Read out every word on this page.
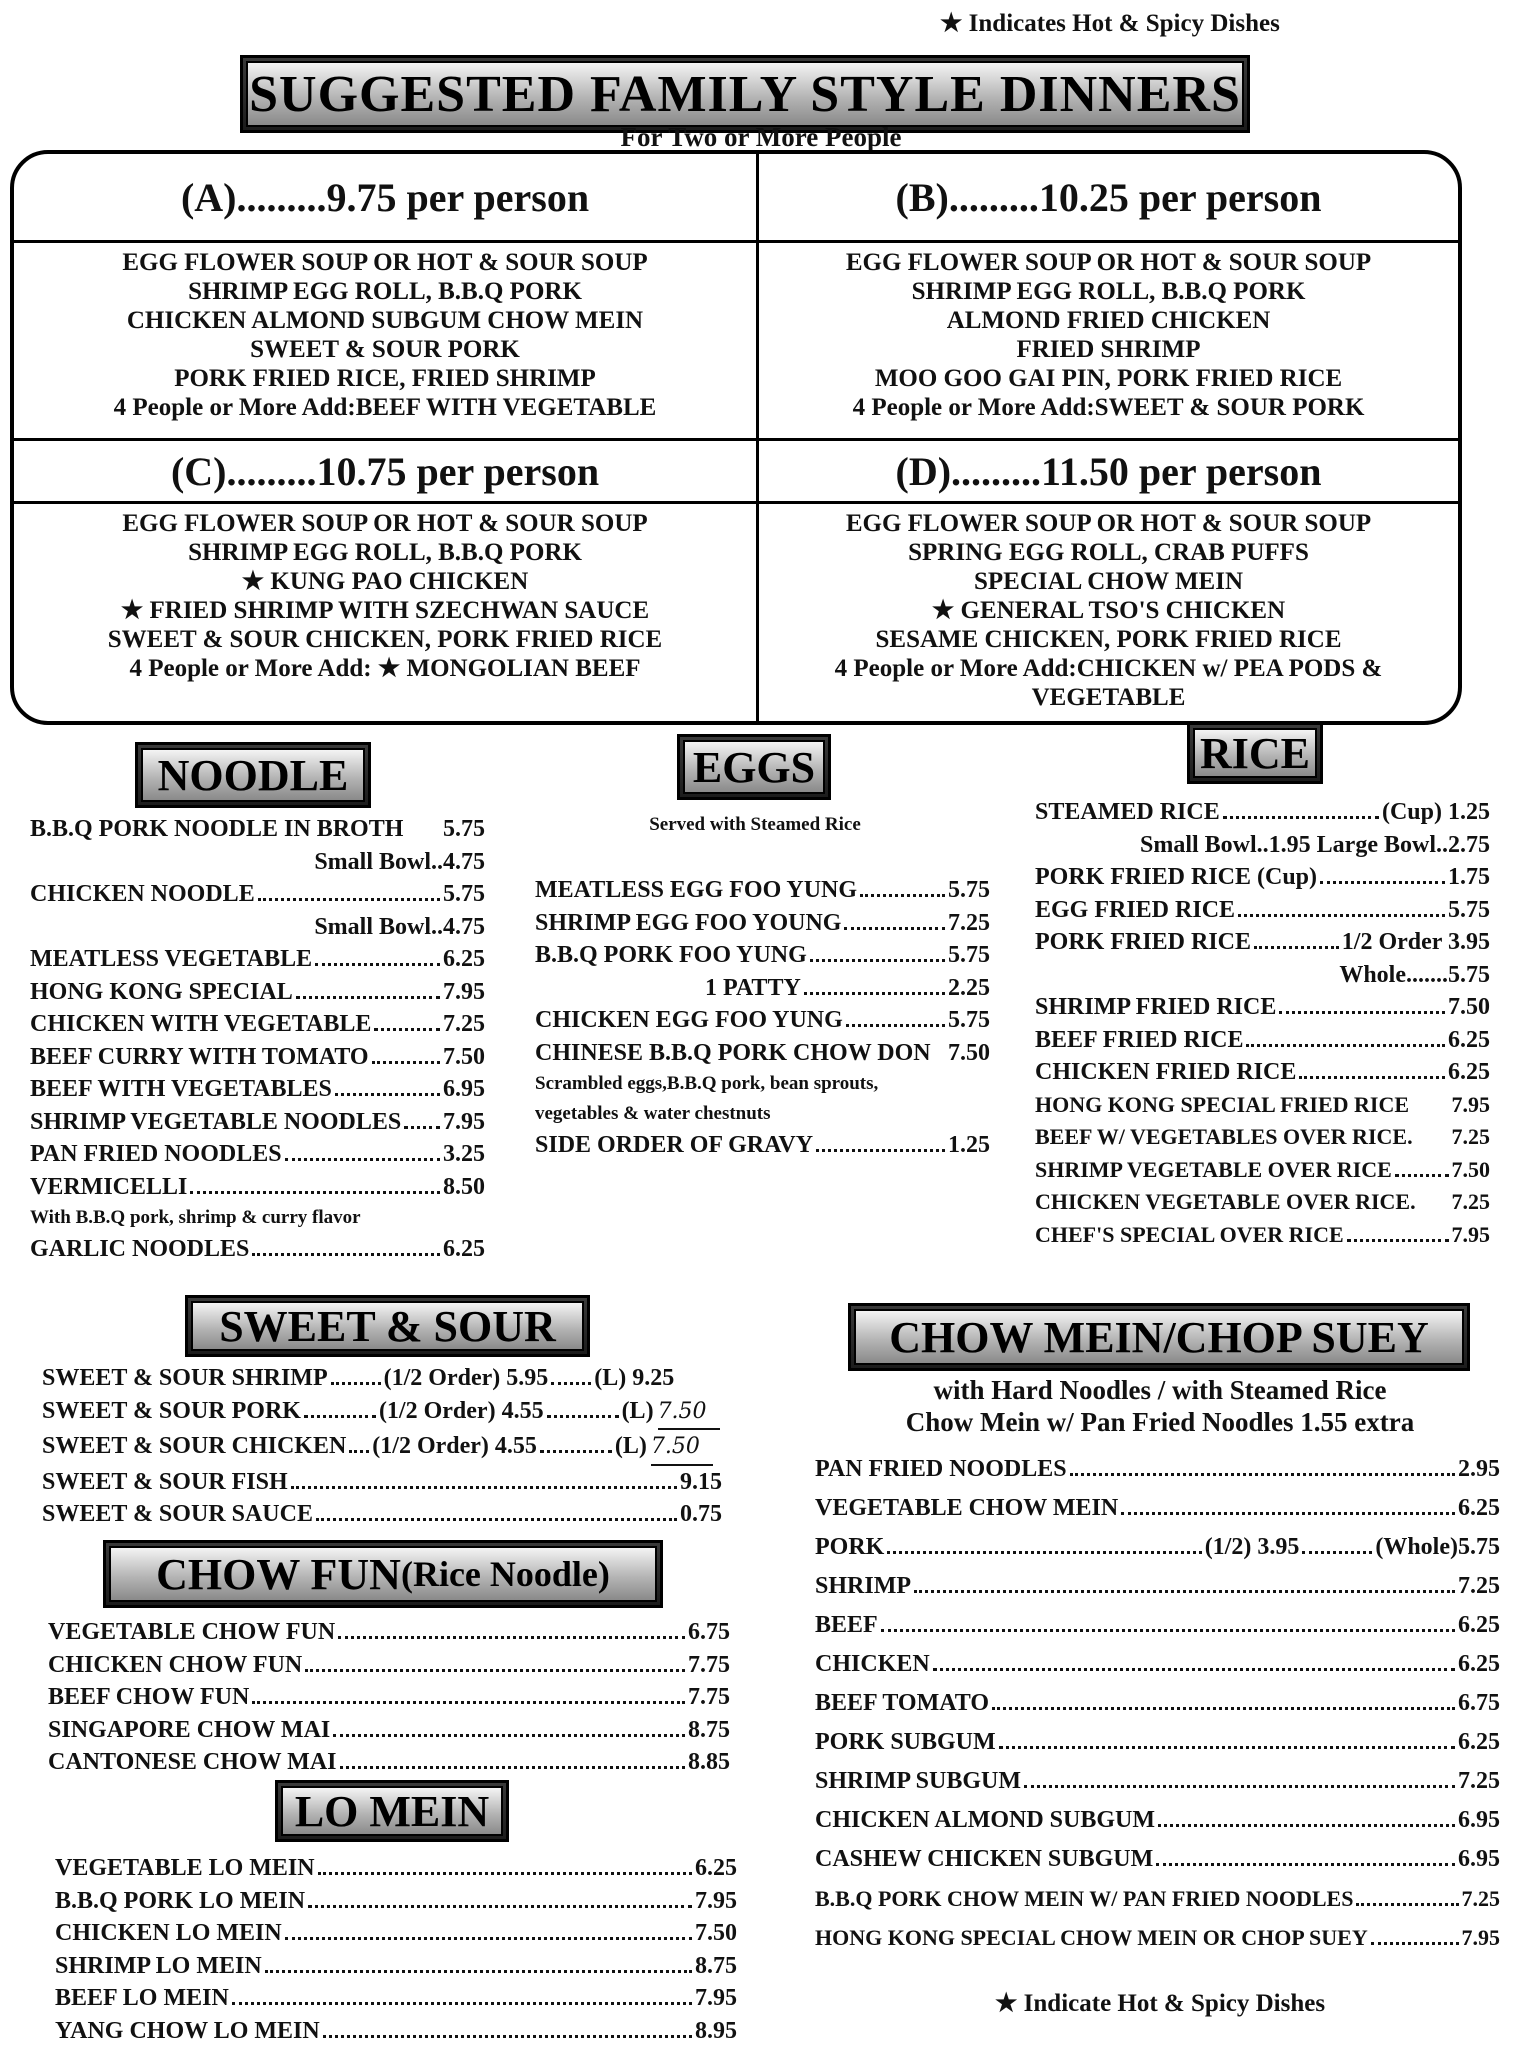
★ Indicates Hot & Spicy Dishes
SUGGESTED FAMILY STYLE DINNERS
For Two or More People
(A).........9.75 per person
EGG FLOWER SOUP OR HOT & SOUR SOUP
SHRIMP EGG ROLL, B.B.Q PORK
CHICKEN ALMOND SUBGUM CHOW MEIN
SWEET & SOUR PORK
PORK FRIED RICE, FRIED SHRIMP
4 People or More Add:BEEF WITH VEGETABLE
(B).........10.25 per person
EGG FLOWER SOUP OR HOT & SOUR SOUP
SHRIMP EGG ROLL, B.B.Q PORK
ALMOND FRIED CHICKEN
FRIED SHRIMP
MOO GOO GAI PIN, PORK FRIED RICE
4 People or More Add:SWEET & SOUR PORK
(C).........10.75 per person
EGG FLOWER SOUP OR HOT & SOUR SOUP
SHRIMP EGG ROLL, B.B.Q PORK
★ KUNG PAO CHICKEN
★ FRIED SHRIMP WITH SZECHWAN SAUCE
SWEET & SOUR CHICKEN, PORK FRIED RICE
4 People or More Add: ★ MONGOLIAN BEEF
(D).........11.50 per person
EGG FLOWER SOUP OR HOT & SOUR SOUP
SPRING EGG ROLL, CRAB PUFFS
SPECIAL CHOW MEIN
★ GENERAL TSO'S CHICKEN
SESAME CHICKEN, PORK FRIED RICE
4 People or More Add:CHICKEN w/ PEA PODS & VEGETABLE
NOODLE
B.B.Q PORK NOODLE IN BROTH 5.75
Small Bowl..4.75
CHICKEN NOODLE	5.75
Small Bowl..4.75
MEATLESS VEGETABLE	6.25
HONG KONG SPECIAL	7.95
CHICKEN WITH VEGETABLE	7.25
BEEF CURRY WITH TOMATO	7.50
BEEF WITH VEGETABLES	6.95
SHRIMP VEGETABLE NOODLES 7.95
PAN FRIED NOODLES	3.25
VERMICELLI	8.50
With B.B.Q pork, shrimp & curry flavor
GARLIC NOODLES	6.25
EGGS
Served with Steamed Rice
MEATLESS EGG FOO YUNG	5.75
SHRIMP EGG FOO YOUNG	7.25
B.B.Q PORK FOO YUNG	5.75
1 PATTY	2.25
CHICKEN EGG FOO YUNG	5.75
CHINESE B.B.Q PORK CHOW DON 7.50
Scrambled eggs,B.B.Q pork, bean sprouts,
vegetables & water chestnuts
SIDE ORDER OF GRAVY	1.25
RICE
STEAMED RICE	(Cup) 1.25
Small Bowl..1.95 Large Bowl..2.75
PORK FRIED RICE (Cup)	1.75
EGG FRIED RICE	5.75
PORK FRIED RICE	1/2 Order 3.95
Whole.......5.75
SHRIMP FRIED RICE	7.50
BEEF FRIED RICE	6.25
CHICKEN FRIED RICE	6.25
HONG KONG SPECIAL FRIED RICE 7.95
BEEF W/ VEGETABLES OVER RICE. 7.25
SHRIMP VEGETABLE OVER RICE	7.50
CHICKEN VEGETABLE OVER RICE. 7.25
CHEF'S SPECIAL OVER RICE	7.95
SWEET & SOUR
SWEET & SOUR SHRIMP (1/2 Order) 5.95 (L) 9.25
SWEET & SOUR PORK	(1/2 Order) 4.55	(L) 7.50
SWEET & SOUR CHICKEN (1/2 Order) 4.55	(L) 7.50
SWEET & SOUR FISH	9.15
SWEET & SOUR SAUCE	0.75
CHOW FUN (Rice Noodle)
VEGETABLE CHOW FUN	6.75
CHICKEN CHOW FUN	7.75
BEEF CHOW FUN	7.75
SINGAPORE CHOW MAI	8.75
CANTONESE CHOW MAI	8.85
LO MEIN
VEGETABLE LO MEIN	6.25
B.B.Q PORK LO MEIN	7.95
CHICKEN LO MEIN	7.50
SHRIMP LO MEIN	8.75
BEEF LO MEIN	7.95
YANG CHOW LO MEIN	8.95
CHOW MEIN/CHOP SUEY
with Hard Noodles / with Steamed Rice
Chow Mein w/ Pan Fried Noodles 1.55 extra
PAN FRIED NOODLES	2.95
VEGETABLE CHOW MEIN	6.25
PORK	(1/2) 3.95	(Whole)5.75
SHRIMP	7.25
BEEF	6.25
CHICKEN	6.25
BEEF TOMATO	6.75
PORK SUBGUM	6.25
SHRIMP SUBGUM	7.25
CHICKEN ALMOND SUBGUM	6.95
CASHEW CHICKEN SUBGUM	6.95
B.B.Q PORK CHOW MEIN W/ PAN FRIED NOODLES	7.25
HONG KONG SPECIAL CHOW MEIN OR CHOP SUEY	7.95
★ Indicate Hot & Spicy Dishes
